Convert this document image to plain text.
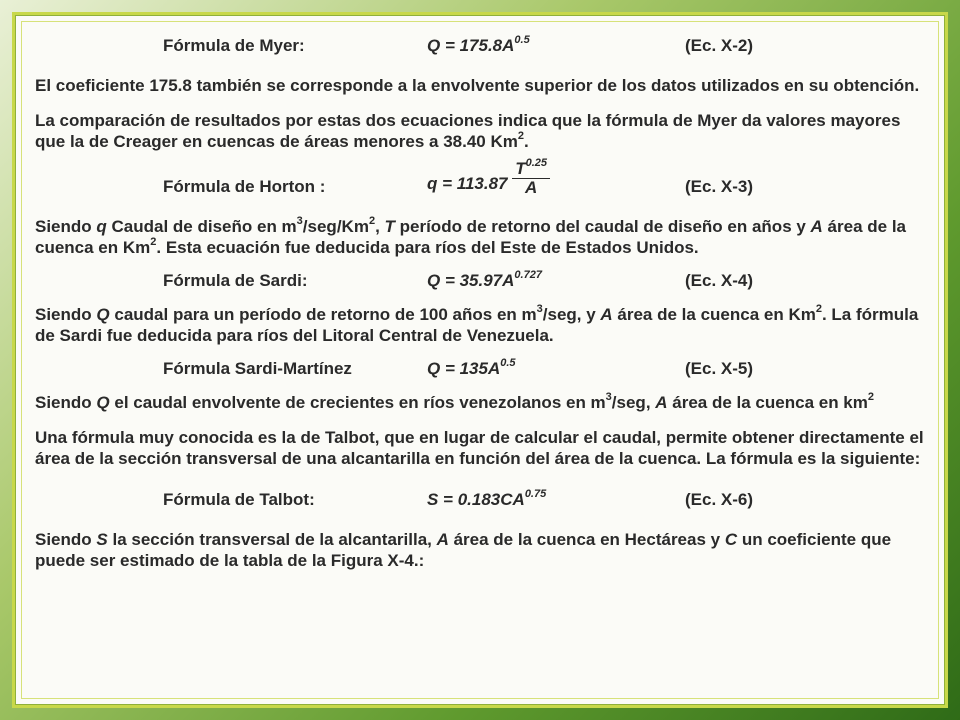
Fórmula de Myer:	$Q = 175.8A^{0.5}$	(Ec. X-2)

El coeficiente 175.8 también se corresponde a la envolvente superior de los datos utilizados en su obtención.

La comparación de resultados por estas dos ecuaciones indica que la fórmula de Myer da valores mayores que la de Creager en cuencas de áreas menores a 38.40 Km$^2$.

Fórmula de Horton :	$q = 113.87 \frac{T^{0.25}}{A}$	(Ec. X-3)

Siendo q Caudal de diseño en $m^3/seg/Km^2$, T período de retorno del caudal de diseño en años y A área de la cuenca en Km$^2$. Esta ecuación fue deducida para ríos del Este de Estados Unidos.

Fórmula de Sardi:	$Q = 35.97A^{0.727}$	(Ec. X-4)

Siendo Q caudal para un período de retorno de 100 años en $m^3$/seg, y A área de la cuenca en Km$^2$. La fórmula de Sardi fue deducida para ríos del Litoral Central de Venezuela.

Fórmula Sardi-Martínez	$Q = 135A^{0.5}$	(Ec. X-5)

Siendo Q el caudal envolvente de crecientes en ríos venezolanos en $m^3$/seg, A área de la cuenca en $km^2$

Una fórmula muy conocida es la de Talbot, que en lugar de calcular el caudal, permite obtener directamente el área de la sección transversal de una alcantarilla en función del área de la cuenca. La fórmula es la siguiente:

Fórmula de Talbot:	$S = 0.183CA^{0.75}$	(Ec. X-6)

Siendo S la sección transversal de la alcantarilla, A área de la cuenca en Hectáreas y C un coeficiente que puede ser estimado de la tabla de la Figura X-4.:
